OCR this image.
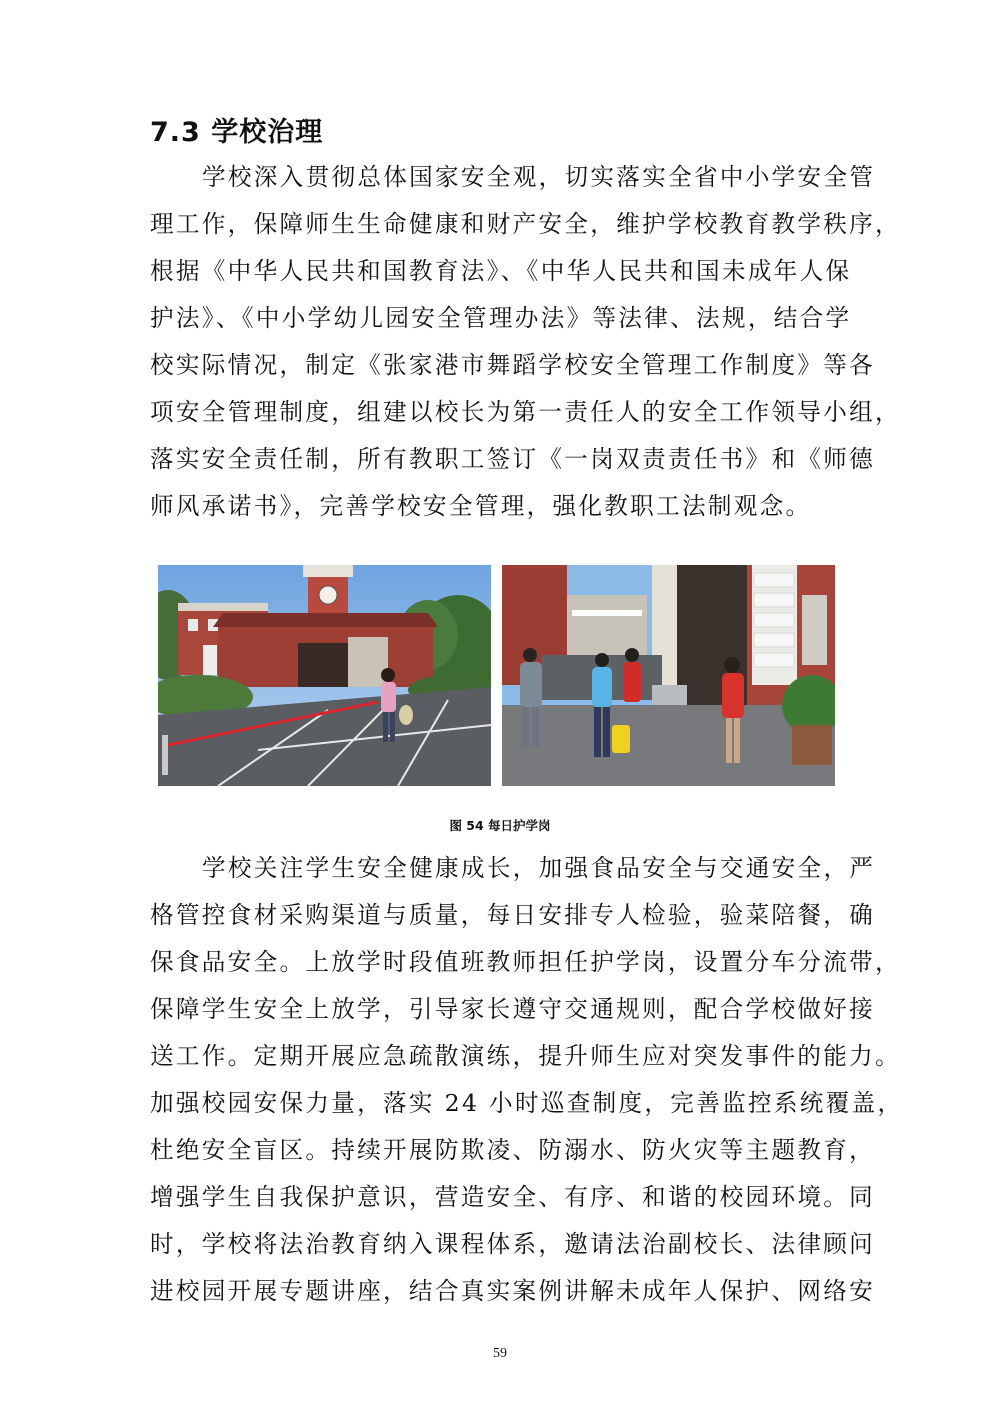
7.3 学校治理
学校深入贯彻总体国家安全观，切实落实全省中小学安全管
理工作，保障师生生命健康和财产安全，维护学校教育教学秩序，
根据《中华人民共和国教育法》、《中华人民共和国未成年人保
护法》、《中小学幼儿园安全管理办法》等法律、法规，结合学
校实际情况，制定《张家港市舞蹈学校安全管理工作制度》等各
项安全管理制度，组建以校长为第一责任人的安全工作领导小组，
落实安全责任制，所有教职工签订《一岗双责责任书》和《师德
师风承诺书》，完善学校安全管理，强化教职工法制观念。
图 54 每日护学岗
学校关注学生安全健康成长，加强食品安全与交通安全，严
格管控食材采购渠道与质量，每日安排专人检验，验菜陪餐，确
保食品安全。上放学时段值班教师担任护学岗，设置分车分流带，
保障学生安全上放学，引导家长遵守交通规则，配合学校做好接
送工作。定期开展应急疏散演练，提升师生应对突发事件的能力。
加强校园安保力量，落实 24 小时巡查制度，完善监控系统覆盖，
杜绝安全盲区。持续开展防欺凌、防溺水、防火灾等主题教育，
增强学生自我保护意识，营造安全、有序、和谐的校园环境。同
时，学校将法治教育纳入课程体系，邀请法治副校长、法律顾问
进校园开展专题讲座，结合真实案例讲解未成年人保护、网络安
59
